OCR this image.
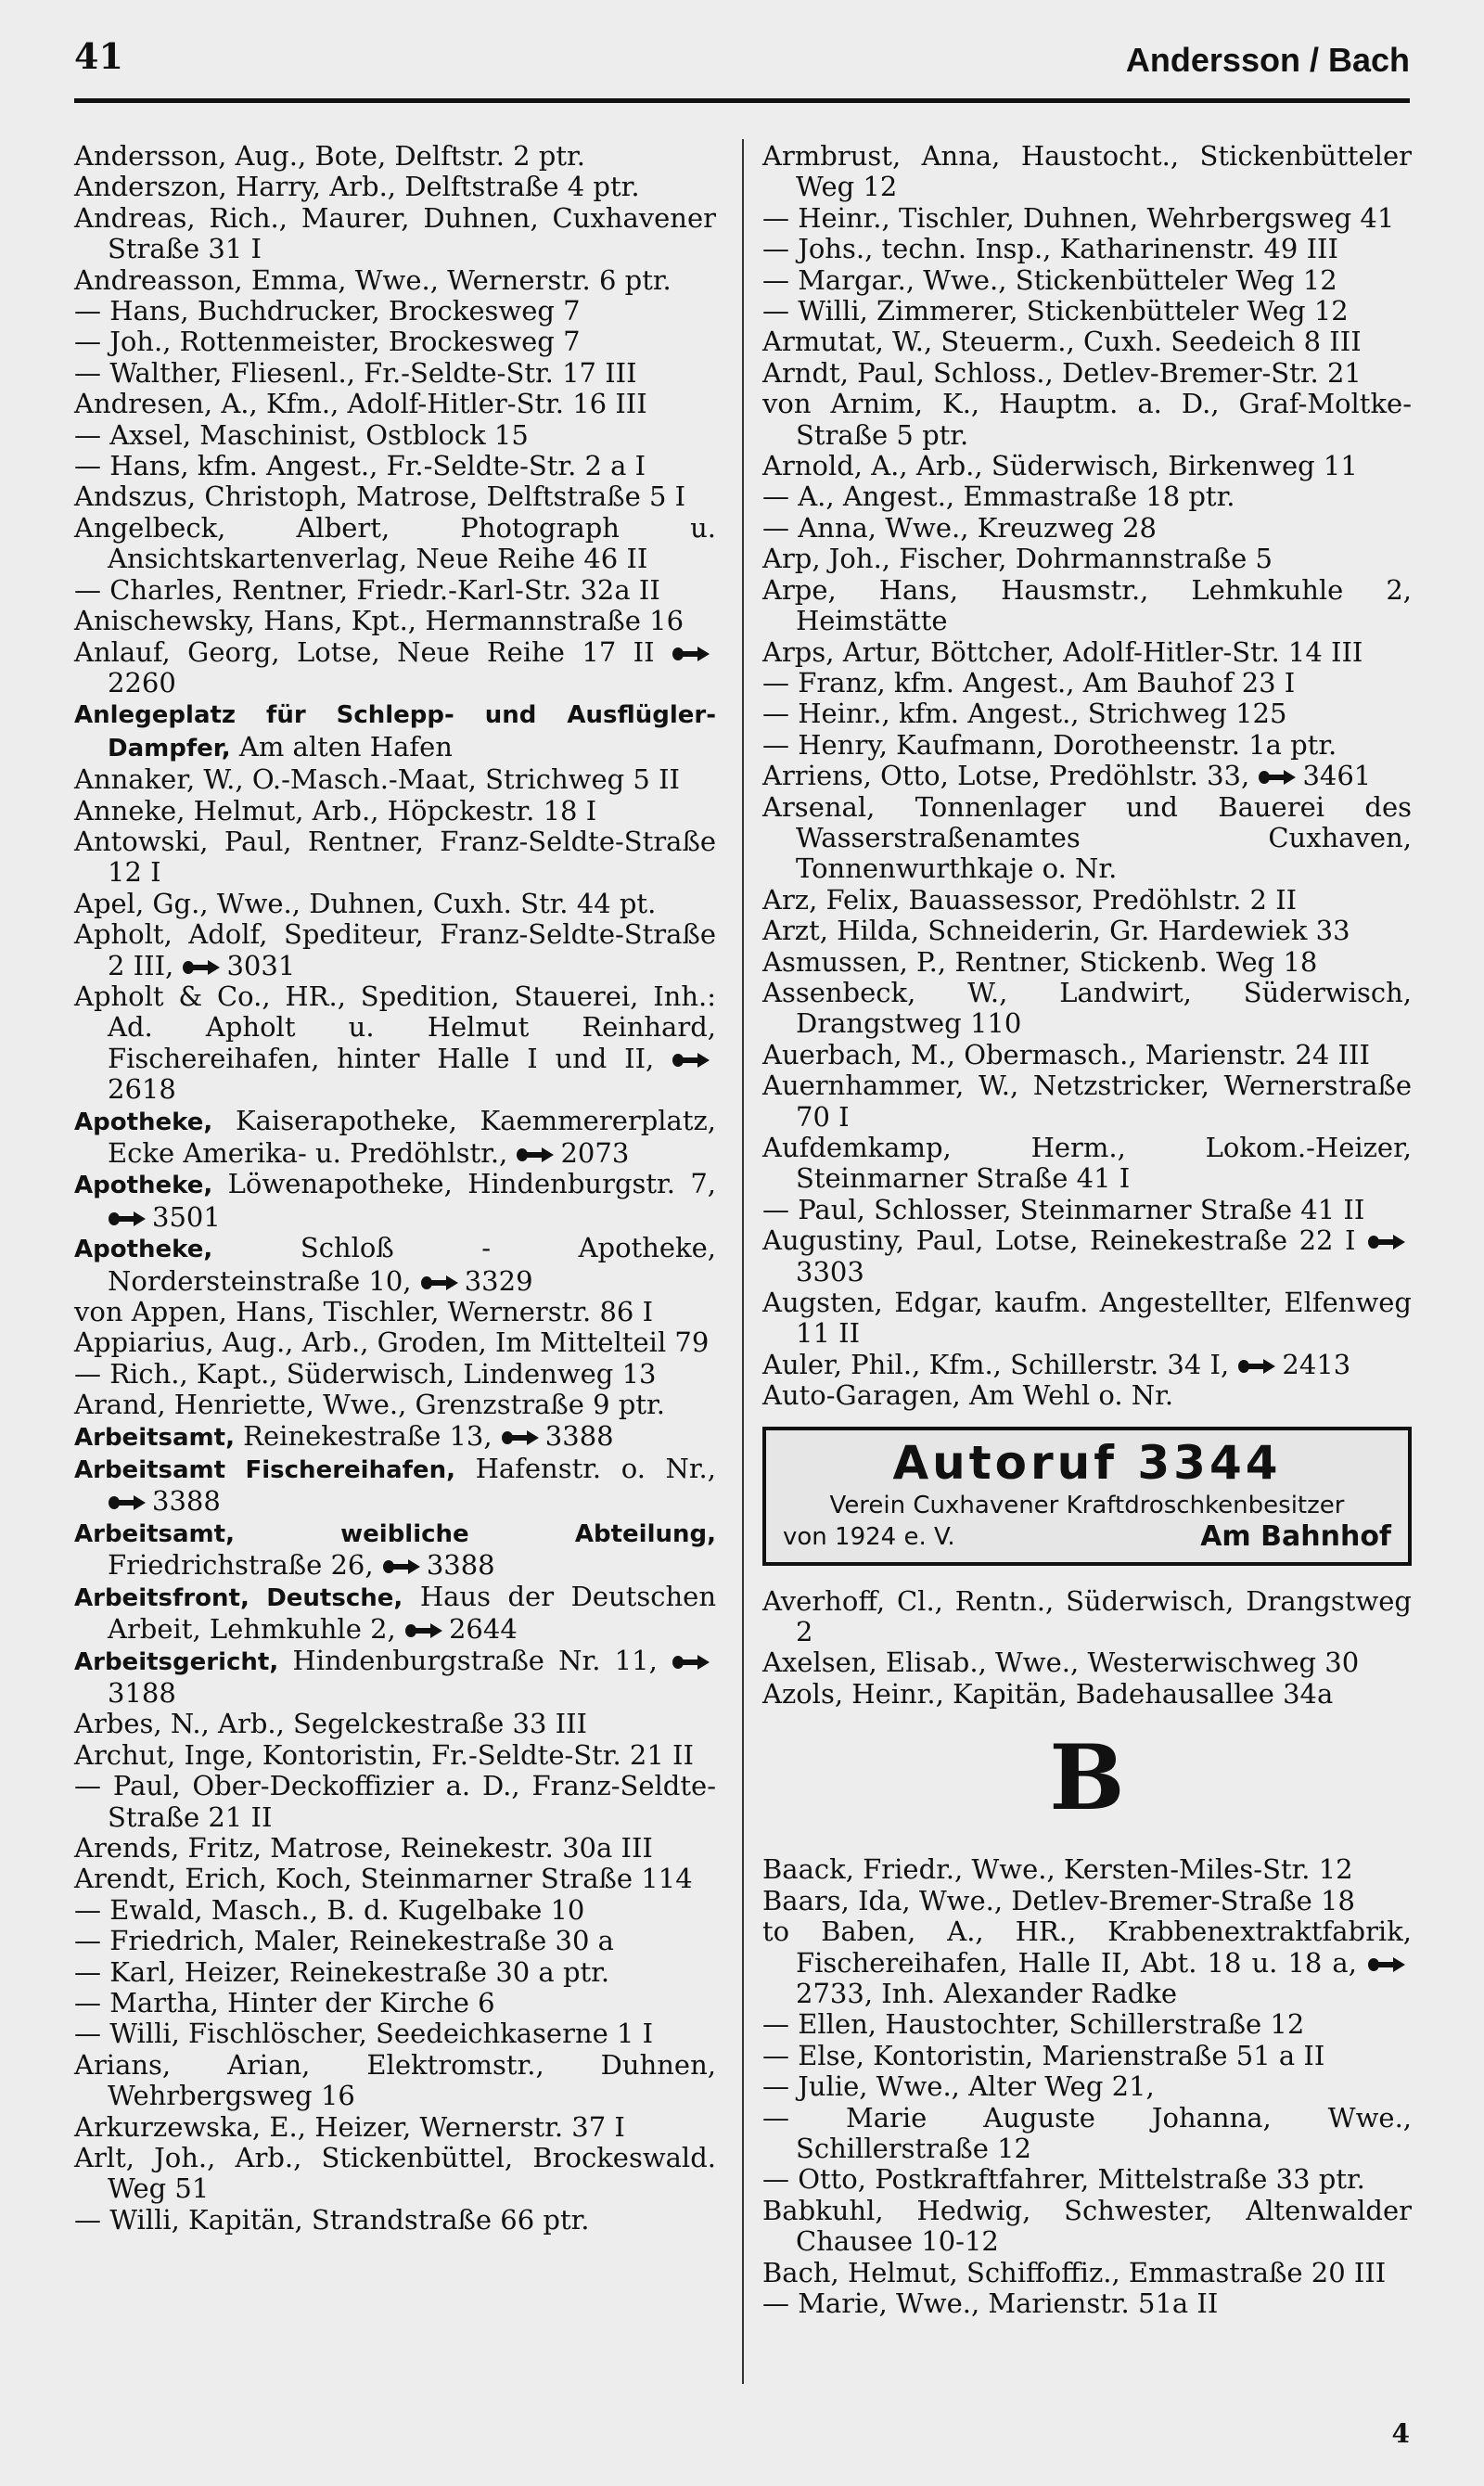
41	Andersson / Bach

Andersson, Aug., Bote, Delftstr. 2 ptr.

Anderszon, Harry, Arb., Delftstraße 4 ptr.

Andreas, Rich., Maurer, Duhnen, Cuxhavener Straße 31 I

Andreasson, Emma, Wwe., Wernerstr. 6 ptr.

— Hans, Buchdrucker, Brockesweg 7

— Joh., Rottenmeister, Brockesweg 7

— Walther, Fliesenl., Fr.-Seldte-Str. 17 III

Andresen, A., Kfm., Adolf-Hitler-Str. 16 III

— Axsel, Maschinist, Ostblock 15

— Hans, kfm. Angest., Fr.-Seldte-Str. 2 a I

Andszus, Christoph, Matrose, Delftstraße 5 I

Angelbeck, Albert, Photograph u. Ansichtskartenverlag, Neue Reihe 46 II

— Charles, Rentner, Friedr.-Karl-Str. 32a II

Anischewsky, Hans, Kpt., Hermannstraße 16

Anlauf, Georg, Lotse, Neue Reihe 17 II 2260

Anlegeplatz für Schlepp- und Ausflügler-Dampfer, Am alten Hafen

Annaker, W., O.-Masch.-Maat, Strichweg 5 II

Anneke, Helmut, Arb., Höpckestr. 18 I

Antowski, Paul, Rentner, Franz-Seldte-Straße 12 I

Apel, Gg., Wwe., Duhnen, Cuxh. Str. 44 pt.

Apholt, Adolf, Spediteur, Franz-Seldte-Straße 2 III, 3031

Apholt & Co., HR., Spedition, Stauerei, Inh.: Ad. Apholt u. Helmut Reinhard, Fischereihafen, hinter Halle I und II, 2618

Apotheke, Kaiserapotheke, Kaemmererplatz, Ecke Amerika- u. Predöhlstr., 2073

Apotheke, Löwenapotheke, Hindenburgstr. 7, 3501

Apotheke,	Schloß - Apotheke, Nordersteinstraße 10, 3329

von Appen, Hans, Tischler, Wernerstr. 86 I

Appiarius, Aug., Arb., Groden, Im Mittelteil 79

— Rich., Kapt., Süderwisch, Lindenweg 13

Arand, Henriette, Wwe., Grenzstraße 9 ptr.

Arbeitsamt, Reinekestraße 13, 3388

Arbeitsamt Fischereihafen, Hafenstr. o. Nr., 3388

Arbeitsamt, weibliche Abteilung, Friedrichstraße 26, 3388

Arbeitsfront, Deutsche, Haus der Deutschen Arbeit, Lehmkuhle 2, 2644

Arbeitsgericht, Hindenburgstraße Nr. 11, 3188

Arbes, N., Arb., Segelckestraße 33 III

Archut, Inge, Kontoristin, Fr.-Seldte-Str. 21 II

— Paul, Ober-Deckoffizier a. D., Franz-Seldte-Straße 21 II

Arends, Fritz, Matrose, Reinekestr. 30a III

Arendt, Erich, Koch, Steinmarner Straße 114

— Ewald, Masch., B. d. Kugelbake 10

— Friedrich, Maler, Reinekestraße 30 a

— Karl, Heizer, Reinekestraße 30 a ptr.

— Martha, Hinter der Kirche 6

— Willi, Fischlöscher, Seedeichkaserne 1 I

Arians, Arian, Elektromstr., Duhnen, Wehrbergsweg 16

Arkurzewska, E., Heizer, Wernerstr. 37 I

Arlt, Joh., Arb., Stickenbüttel, Brockeswald. Weg 51

— Willi, Kapitän, Strandstraße 66 ptr.

Armbrust, Anna, Haustocht., Stickenbütteler Weg 12

— Heinr., Tischler, Duhnen, Wehrbergsweg 41

— Johs., techn. Insp., Katharinenstr. 49 III

— Margar., Wwe., Stickenbütteler Weg 12

— Willi, Zimmerer, Stickenbütteler Weg 12

Armutat, W., Steuerm., Cuxh. Seedeich 8 III

Arndt, Paul, Schloss., Detlev-Bremer-Str. 21

von Arnim, K., Hauptm. a. D., Graf-Moltke-Straße 5 ptr.

Arnold, A., Arb., Süderwisch, Birkenweg 11

— A., Angest., Emmastraße 18 ptr.

— Anna, Wwe., Kreuzweg 28

Arp, Joh., Fischer, Dohrmannstraße 5

Arpe, Hans, Hausmstr., Lehmkuhle 2, Heimstätte

Arps, Artur, Böttcher, Adolf-Hitler-Str. 14 III

— Franz, kfm. Angest., Am Bauhof 23 I

— Heinr., kfm. Angest., Strichweg 125

— Henry, Kaufmann, Dorotheenstr. 1a ptr.

Arriens, Otto, Lotse, Predöhlstr. 33, 3461

Arsenal, Tonnenlager und Bauerei des Wasserstraßenamtes Cuxhaven, Tonnenwurthkaje o. Nr.

Arz, Felix, Bauassessor, Predöhlstr. 2 II

Arzt, Hilda, Schneiderin, Gr. Hardewiek 33

Asmussen, P., Rentner, Stickenb. Weg 18

Assenbeck, W., Landwirt, Süderwisch, Drangstweg 110

Auerbach, M., Obermasch., Marienstr. 24 III

Auernhammer, W., Netzstricker, Wernerstraße 70 I

Aufdemkamp, Herm., Lokom.-Heizer, Steinmarner Straße 41 I

— Paul, Schlosser, Steinmarner Straße 41 II

Augustiny, Paul, Lotse, Reinekestraße 22 I 3303

Augsten, Edgar, kaufm. Angestellter, Elfenweg 11 II

Auler, Phil., Kfm., Schillerstr. 34 I, 2413

Auto-Garagen, Am Wehl o. Nr.

Autoruf 3344
Verein Cuxhavener Kraftdroschkenbesitzer
von 1924 e. V.	Am Bahnhof

Averhoff, Cl., Rentn., Süderwisch, Drangstweg 2

Axelsen, Elisab., Wwe., Westerwischweg 30

Azols, Heinr., Kapitän, Badehausallee 34a

B

Baack, Friedr., Wwe., Kersten-Miles-Str. 12

Baars, Ida, Wwe., Detlev-Bremer-Straße 18

to Baben, A., HR., Krabbenextraktfabrik, Fischereihafen, Halle II, Abt. 18 u. 18 a, 2733, Inh. Alexander Radke

— Ellen, Haustochter, Schillerstraße 12

— Else, Kontoristin, Marienstraße 51 a II

— Julie, Wwe., Alter Weg 21,

— Marie Auguste Johanna, Wwe., Schillerstraße 12

— Otto, Postkraftfahrer, Mittelstraße 33 ptr.

Babkuhl, Hedwig, Schwester, Altenwalder Chausee 10-12

Bach, Helmut, Schiffoffiz., Emmastraße 20 III

— Marie, Wwe., Marienstr. 51a II

4
